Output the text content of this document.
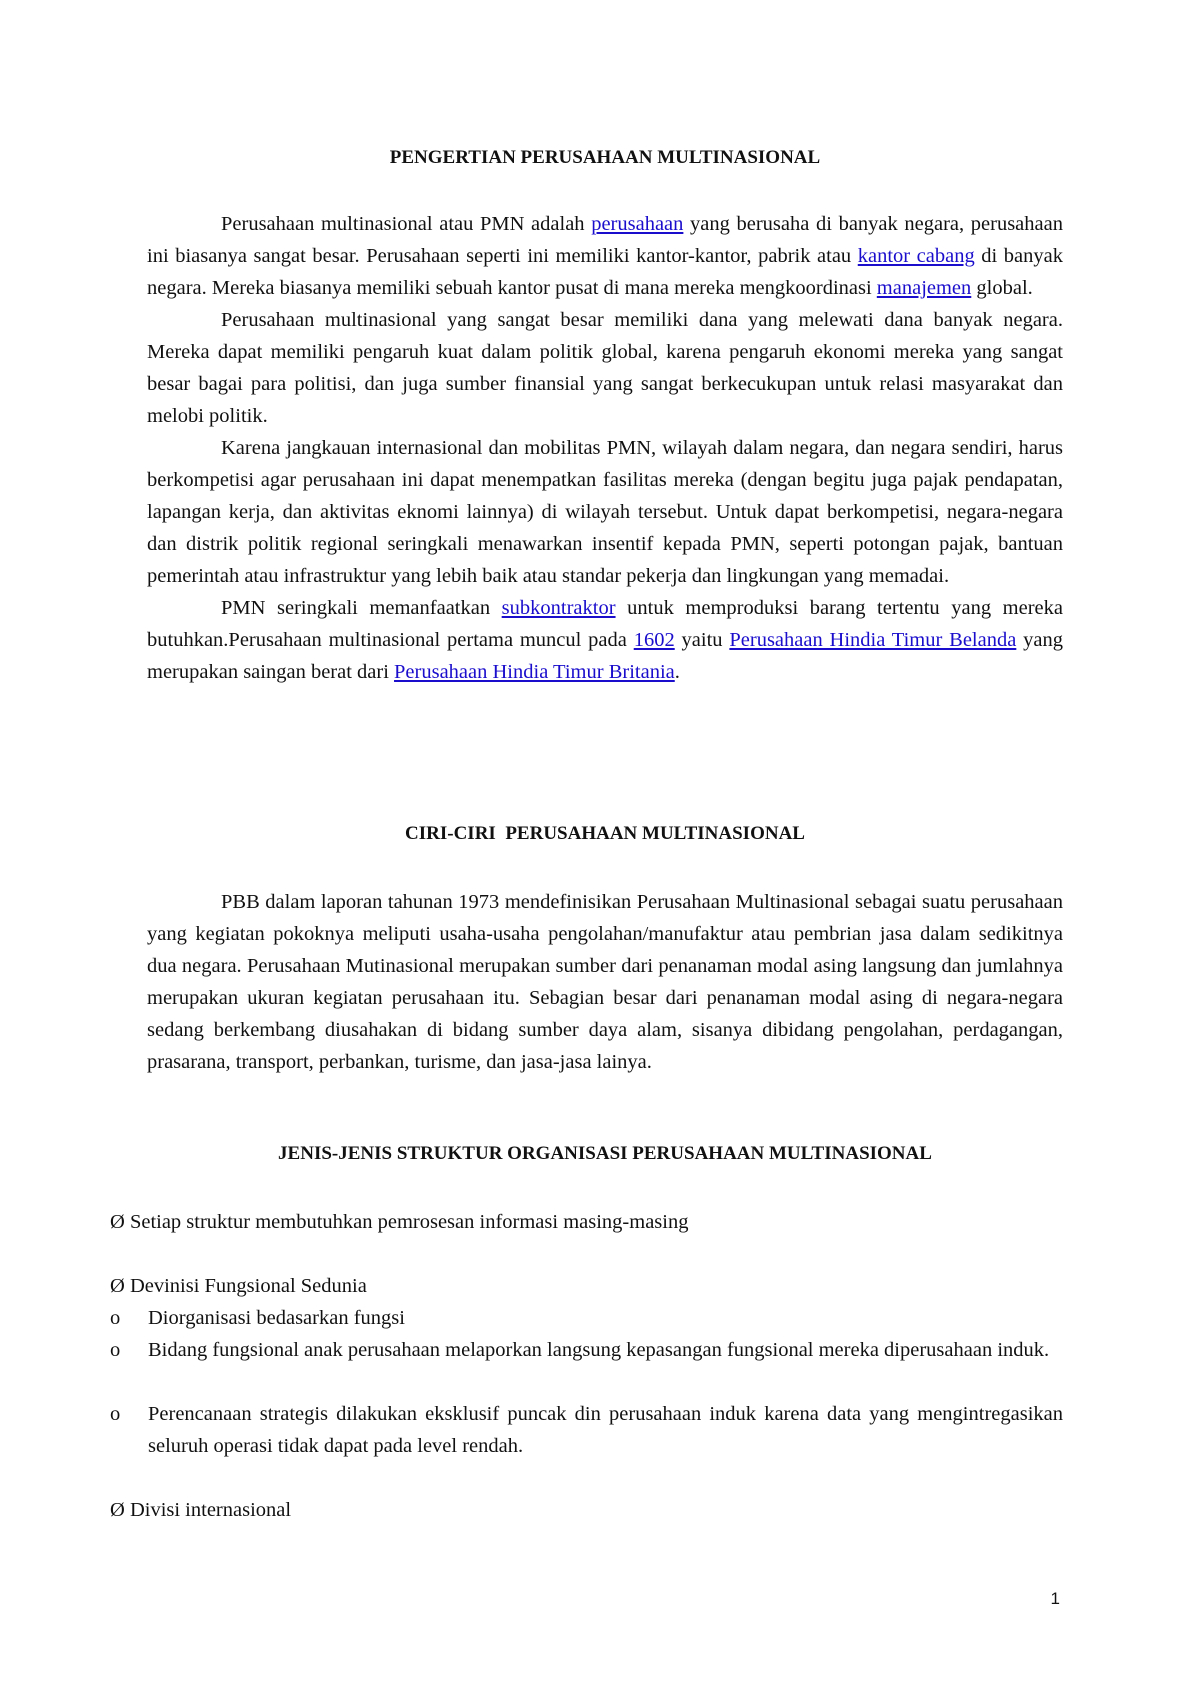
PENGERTIAN PERUSAHAAN MULTINASIONAL

Perusahaan multinasional atau PMN adalah perusahaan yang berusaha di banyak negara, perusahaan ini biasanya sangat besar. Perusahaan seperti ini memiliki kantor-kantor, pabrik atau kantor cabang di banyak negara. Mereka biasanya memiliki sebuah kantor pusat di mana mereka mengkoordinasi manajemen global.

Perusahaan multinasional yang sangat besar memiliki dana yang melewati dana banyak negara. Mereka dapat memiliki pengaruh kuat dalam politik global, karena pengaruh ekonomi mereka yang sangat besar bagai para politisi, dan juga sumber finansial yang sangat berkecukupan untuk relasi masyarakat dan melobi politik.

Karena jangkauan internasional dan mobilitas PMN, wilayah dalam negara, dan negara sendiri, harus berkompetisi agar perusahaan ini dapat menempatkan fasilitas mereka (dengan begitu juga pajak pendapatan, lapangan kerja, dan aktivitas eknomi lainnya) di wilayah tersebut. Untuk dapat berkompetisi, negara-negara dan distrik politik regional seringkali menawarkan insentif kepada PMN, seperti potongan pajak, bantuan pemerintah atau infrastruktur yang lebih baik atau standar pekerja dan lingkungan yang memadai.

PMN seringkali memanfaatkan subkontraktor untuk memproduksi barang tertentu yang mereka butuhkan.Perusahaan multinasional pertama muncul pada 1602 yaitu Perusahaan Hindia Timur Belanda yang merupakan saingan berat dari Perusahaan Hindia Timur Britania.

CIRI-CIRI  PERUSAHAAN MULTINASIONAL

PBB dalam laporan tahunan 1973 mendefinisikan Perusahaan Multinasional sebagai suatu perusahaan yang kegiatan pokoknya meliputi usaha-usaha pengolahan/manufaktur atau pembrian jasa dalam sedikitnya dua negara. Perusahaan Mutinasional merupakan sumber dari penanaman modal asing langsung dan jumlahnya merupakan ukuran kegiatan perusahaan itu. Sebagian besar dari penanaman modal asing di negara-negara sedang berkembang diusahakan di bidang sumber daya alam, sisanya dibidang pengolahan, perdagangan, prasarana, transport, perbankan, turisme, dan jasa-jasa lainya.

JENIS-JENIS STRUKTUR ORGANISASI PERUSAHAAN MULTINASIONAL

Ø Setiap struktur membutuhkan pemrosesan informasi masing-masing

Ø Devinisi Fungsional Sedunia

o Diorganisasi bedasarkan fungsi
o Bidang fungsional anak perusahaan melaporkan langsung kepasangan fungsional mereka diperusahaan induk.
o Perencanaan strategis dilakukan eksklusif puncak din perusahaan induk karena data yang mengintregasikan seluruh operasi tidak dapat pada level rendah.

Ø Divisi internasional

1
